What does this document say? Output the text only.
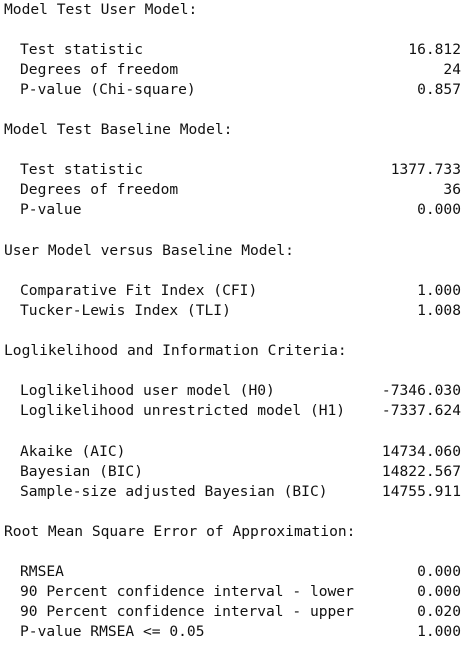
Model Test User Model:
Test statistic	16.812
Degrees of freedom	24
P-value (Chi-square)	0.857
Model Test Baseline Model:
Test statistic	1377.733
Degrees of freedom	36
P-value	0.000
User Model versus Baseline Model:
Comparative Fit Index (CFI)	1.000
Tucker-Lewis Index (TLI)	1.008
Loglikelihood and Information Criteria:
Loglikelihood user model (H0)	-7346.030
Loglikelihood unrestricted model (H1)	-7337.624
Akaike (AIC)	14734.060
Bayesian (BIC)	14822.567
Sample-size adjusted Bayesian (BIC)	14755.911
Root Mean Square Error of Approximation:
RMSEA	0.000
90 Percent confidence interval - lower	0.000
90 Percent confidence interval - upper	0.020
P-value RMSEA <= 0.05	1.000
